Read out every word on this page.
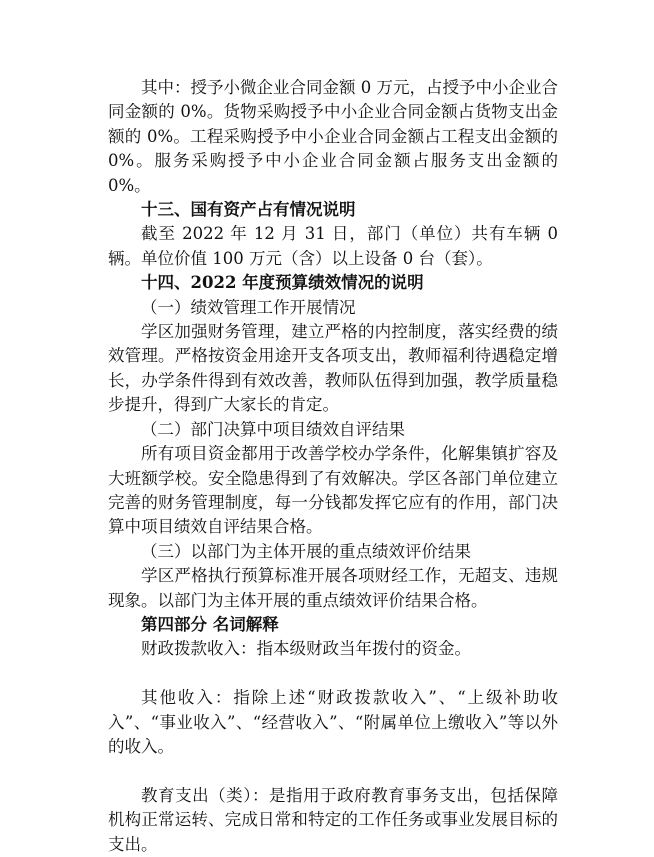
其中：授予小微企业合同金额 0 万元，占授予中小企业合同金额的 0%。货物采购授予中小企业合同金额占货物支出金额的 0%。工程采购授予中小企业合同金额占工程支出金额的 0%。服务采购授予中小企业合同金额占服务支出金额的 0%。

十三、国有资产占有情况说明

截至 2022 年 12 月 31 日，部门（单位）共有车辆 0 辆。单位价值 100 万元（含）以上设备 0 台（套）。

十四、2022 年度预算绩效情况的说明

（一）绩效管理工作开展情况

学区加强财务管理，建立严格的内控制度，落实经费的绩效管理。严格按资金用途开支各项支出，教师福利待遇稳定增长，办学条件得到有效改善，教师队伍得到加强，教学质量稳步提升，得到广大家长的肯定。

（二）部门决算中项目绩效自评结果

所有项目资金都用于改善学校办学条件，化解集镇扩容及大班额学校。安全隐患得到了有效解决。学区各部门单位建立完善的财务管理制度，每一分钱都发挥它应有的作用，部门决算中项目绩效自评结果合格。

（三）以部门为主体开展的重点绩效评价结果

学区严格执行预算标准开展各项财经工作，无超支、违规现象。以部门为主体开展的重点绩效评价结果合格。

第四部分 名词解释

财政拨款收入：指本级财政当年拨付的资金。

其他收入：指除上述“财政拨款收入”、“上级补助收入”、“事业收入”、“经营收入”、“附属单位上缴收入”等以外的收入。

教育支出（类）：是指用于政府教育事务支出，包括保障机构正常运转、完成日常和特定的工作任务或事业发展目标的支出。
